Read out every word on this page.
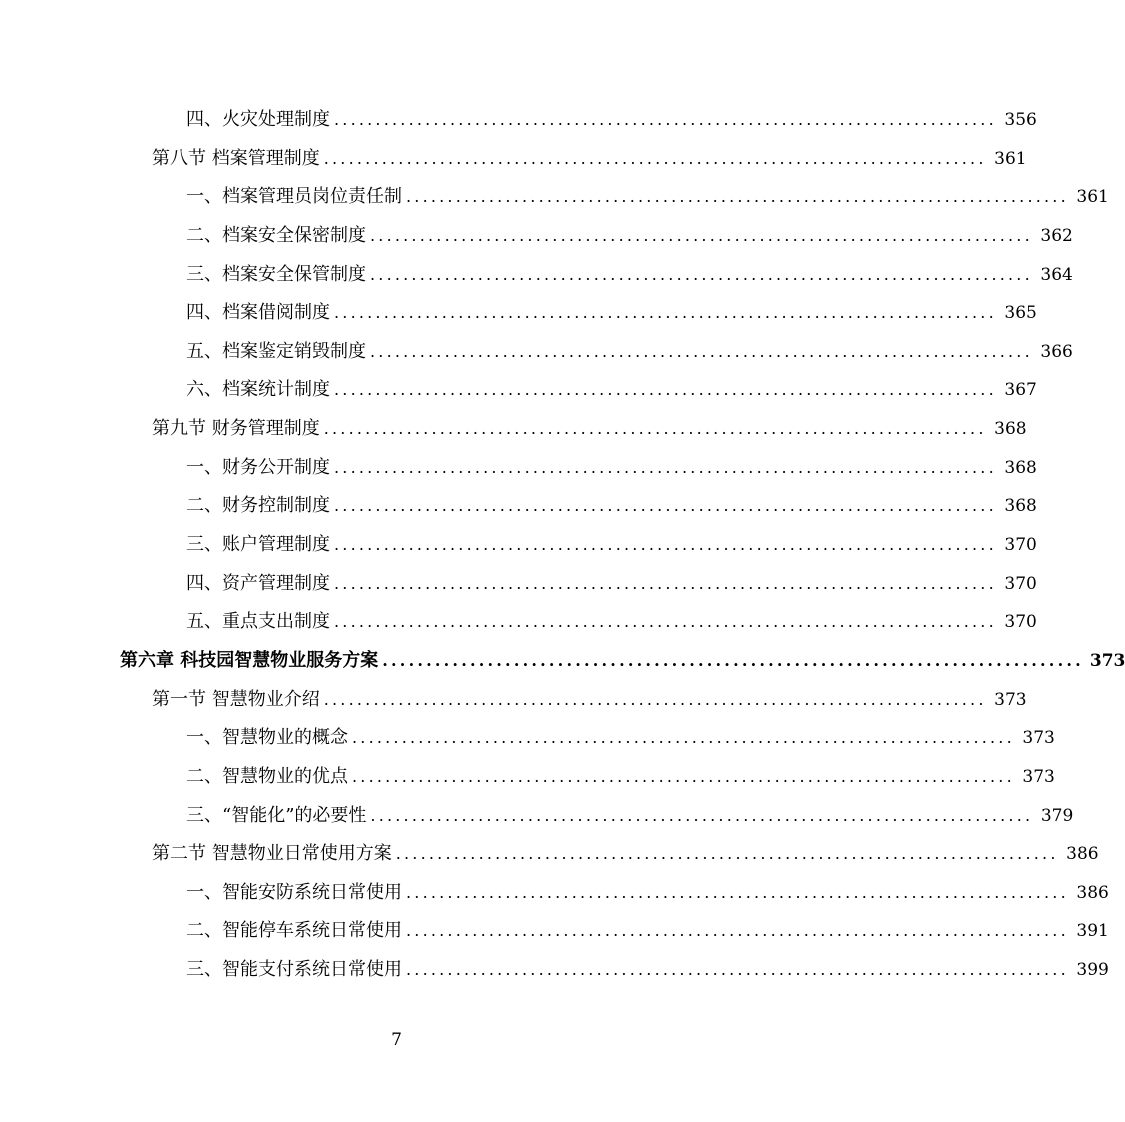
四、火灾处理制度 ................................................................................ 356
第八节 档案管理制度 ................................................................................ 361
一、档案管理员岗位责任制 ................................................................................ 361
二、档案安全保密制度 ................................................................................ 362
三、档案安全保管制度 ................................................................................ 364
四、档案借阅制度 ................................................................................ 365
五、档案鉴定销毁制度 ................................................................................ 366
六、档案统计制度 ................................................................................ 367
第九节 财务管理制度 ................................................................................ 368
一、财务公开制度 ................................................................................ 368
二、财务控制制度 ................................................................................ 368
三、账户管理制度 ................................................................................ 370
四、资产管理制度 ................................................................................ 370
五、重点支出制度 ................................................................................ 370
第六章 科技园智慧物业服务方案 ................................................................................ 373
第一节 智慧物业介绍 ................................................................................ 373
一、智慧物业的概念 ................................................................................ 373
二、智慧物业的优点 ................................................................................ 373
三、“智能化”的必要性 ................................................................................ 379
第二节 智慧物业日常使用方案 ................................................................................ 386
一、智能安防系统日常使用 ................................................................................ 386
二、智能停车系统日常使用 ................................................................................ 391
三、智能支付系统日常使用 ................................................................................ 399
7
